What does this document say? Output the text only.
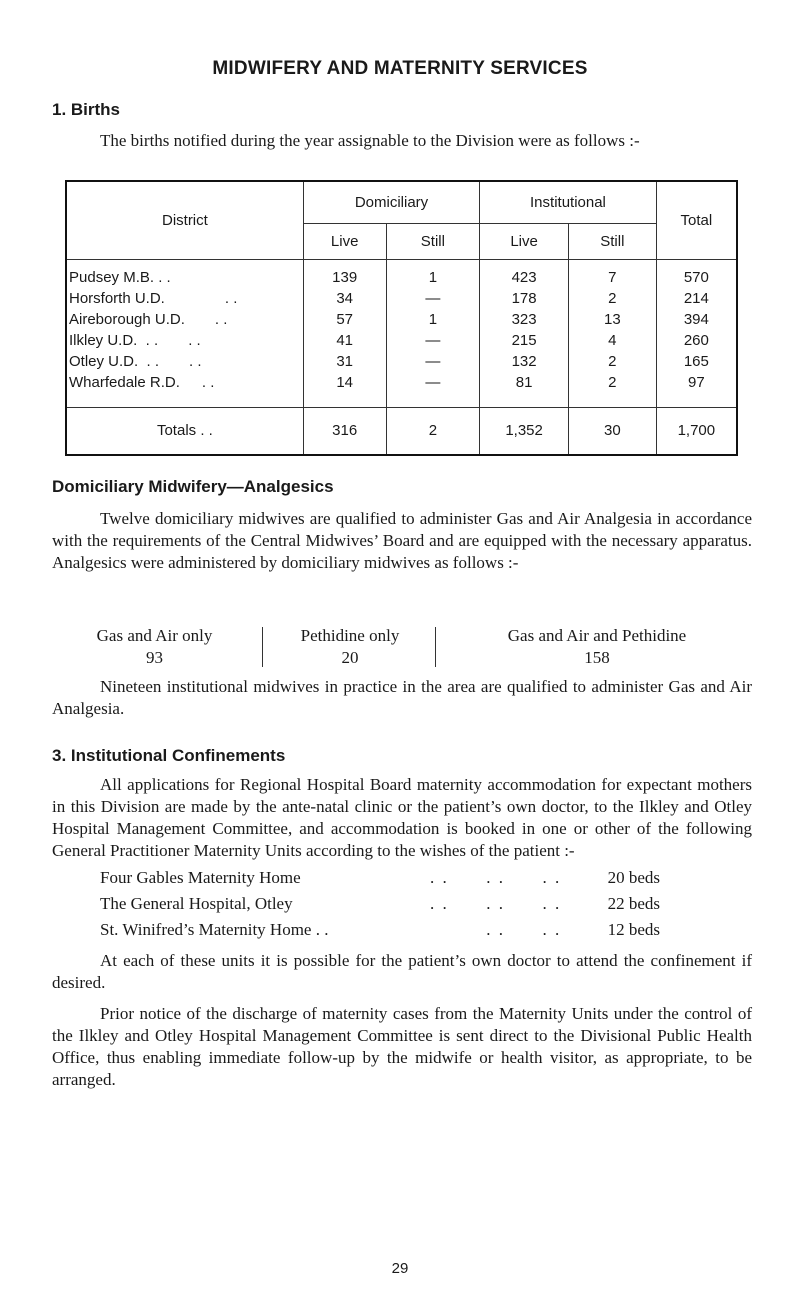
MIDWIFERY AND MATERNITY SERVICES
1. Births

The births notified during the year assignable to the Division were as follows :-

District	Domiciliary		Institutional		Total
	Live	Still	Live	Still	

Pudsey M.B. . .	139	1	423	7	570
Horsforth U.D. . .	34	—	178	2	214
Aireborough U.D. . .	57	1	323	13	394
Ilkley U.D.  . . . .	41	—	215	4	260
Otley U.D.  . . . .	31	—	132	2	165
Wharfedale R.D. . .	14	—	81	2	97

Totals . .	316	2	1,352	30	1,700
Domiciliary Midwifery—Analgesics

Twelve domiciliary midwives are qualified to administer Gas and Air Analgesia in accordance with the requirements of the Central Midwives’ Board and are equipped with the necessary apparatus. Analgesics were administered by domiciliary midwives as follows :-

Gas and Air only
93
Pethidine only
20
Gas and Air and Pethidine
158

Nineteen institutional midwives in practice in the area are qualified to administer Gas and Air Analgesia.

3. Institutional Confinements

All applications for Regional Hospital Board maternity accommodation for expectant mothers in this Division are made by the ante-natal clinic or the patient’s own doctor, to the Ilkley and Otley Hospital Management Committee, and accommodation is booked in one or other of the following General Practitioner Maternity Units according to the wishes of the patient :-

Four Gables Maternity Home	. .      . .      . .	20 beds
The General Hospital, Otley	. .      . .      . .	22 beds
St. Winifred’s Maternity Home . .	. .      . .	12 beds

At each of these units it is possible for the patient’s own doctor to attend the confinement if desired.

Prior notice of the discharge of maternity cases from the Maternity Units under the control of the Ilkley and Otley Hospital Management Committee is sent direct to the Divisional Public Health Office, thus enabling immediate follow-up by the midwife or health visitor, as appropriate, to be arranged.

29
